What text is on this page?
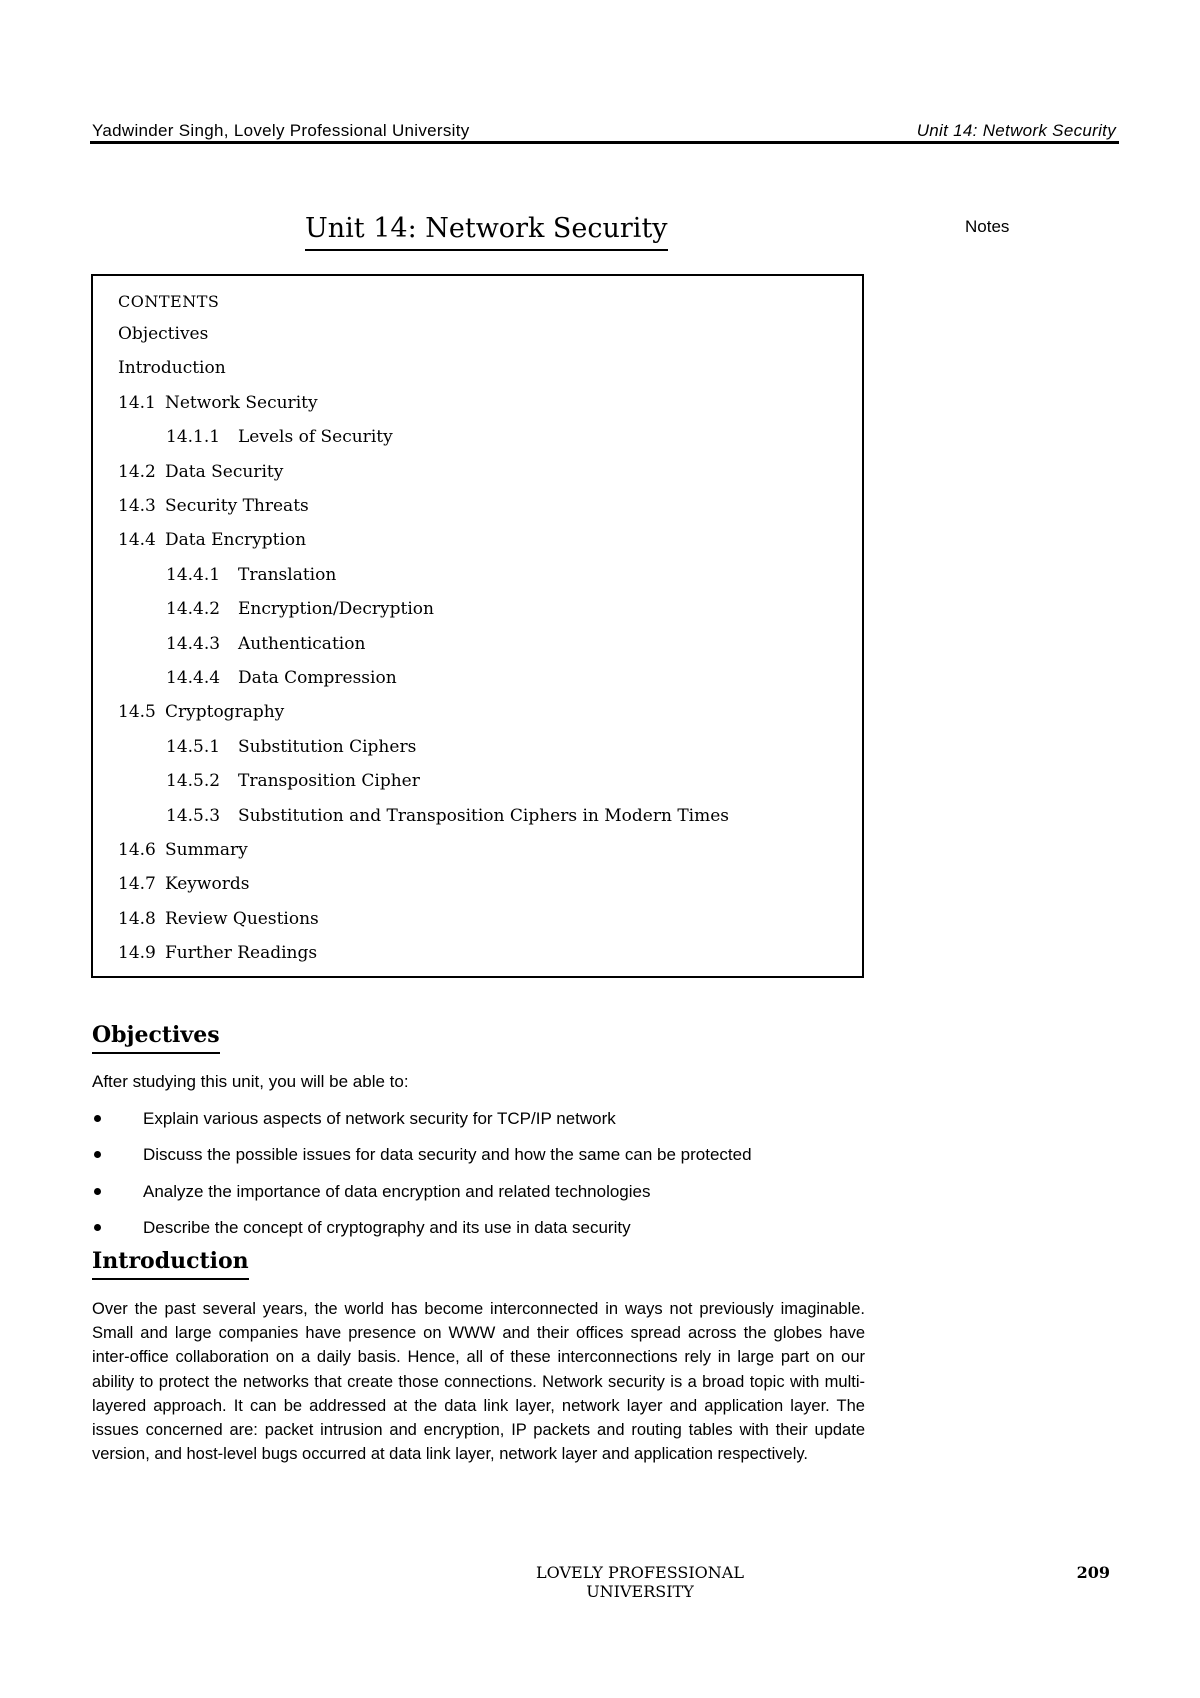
Yadwinder Singh, Lovely Professional University	Unit 14: Network Security
Unit 14: Network Security	Notes
CONTENTS
Objectives
Introduction
14.1 Network Security
14.1.1 Levels of Security
14.2 Data Security
14.3 Security Threats
14.4 Data Encryption
14.4.1 Translation
14.4.2 Encryption/Decryption
14.4.3 Authentication
14.4.4 Data Compression
14.5 Cryptography
14.5.1 Substitution Ciphers
14.5.2 Transposition Cipher
14.5.3 Substitution and Transposition Ciphers in Modern Times
14.6 Summary
14.7 Keywords
14.8 Review Questions
14.9 Further Readings
Objectives
After studying this unit, you will be able to:
Explain various aspects of network security for TCP/IP network
Discuss the possible issues for data security and how the same can be protected
Analyze the importance of data encryption and related technologies
Describe the concept of cryptography and its use in data security
Introduction

Over the past several years, the world has become interconnected in ways not previously imaginable. Small and large companies have presence on WWW and their offices spread across the globes have inter-office collaboration on a daily basis. Hence, all of these interconnections rely in large part on our ability to protect the networks that create those connections. Network security is a broad topic with multi-layered approach. It can be addressed at the data link layer, network layer and application layer. The issues concerned are: packet intrusion and encryption, IP packets and routing tables with their update version, and host-level bugs occurred at data link layer, network layer and application respectively.

LOVELY PROFESSIONAL UNIVERSITY
209
